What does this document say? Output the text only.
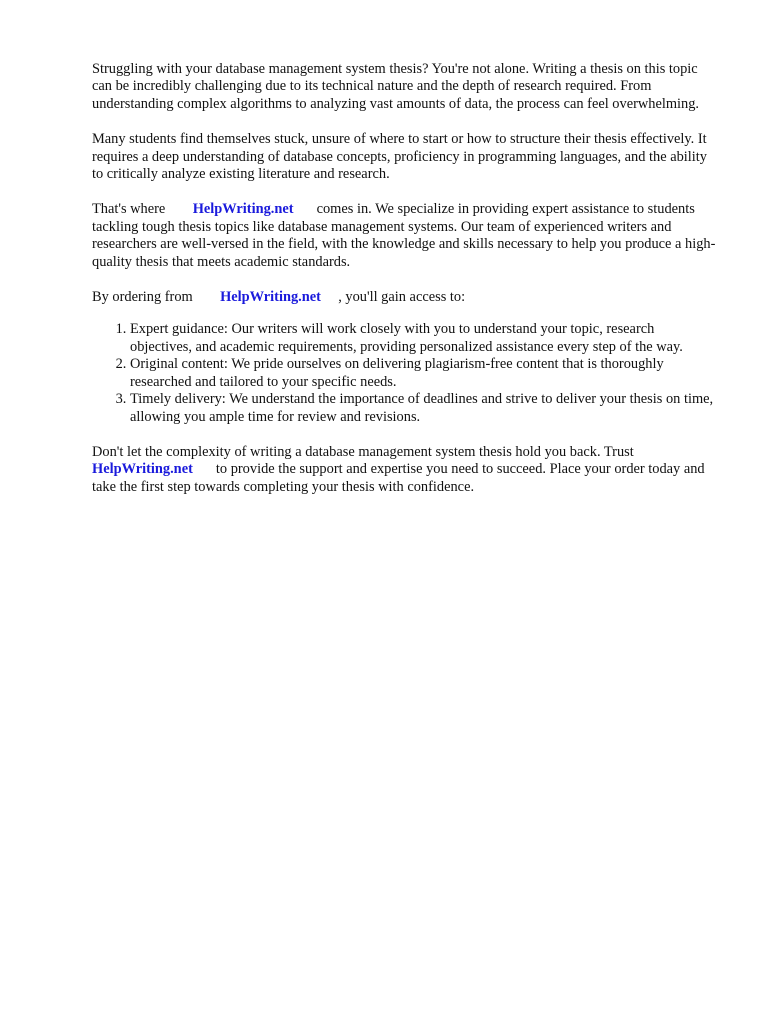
Struggling with your database management system thesis? You're not alone. Writing a thesis on this topic can be incredibly challenging due to its technical nature and the depth of research required. From understanding complex algorithms to analyzing vast amounts of data, the process can feel overwhelming.

Many students find themselves stuck, unsure of where to start or how to structure their thesis effectively. It requires a deep understanding of database concepts, proficiency in programming languages, and the ability to critically analyze existing literature and research.

That's where HelpWriting.net comes in. We specialize in providing expert assistance to students tackling tough thesis topics like database management systems. Our team of experienced writers and researchers are well-versed in the field, with the knowledge and skills necessary to help you produce a high-quality thesis that meets academic standards.

By ordering from HelpWriting.net , you'll gain access to:

1. Expert guidance: Our writers will work closely with you to understand your topic, research objectives, and academic requirements, providing personalized assistance every step of the way.
2. Original content: We pride ourselves on delivering plagiarism-free content that is thoroughly researched and tailored to your specific needs.
3. Timely delivery: We understand the importance of deadlines and strive to deliver your thesis on time, allowing you ample time for review and revisions.

Don't let the complexity of writing a database management system thesis hold you back. Trust HelpWriting.net to provide the support and expertise you need to succeed. Place your order today and take the first step towards completing your thesis with confidence.
